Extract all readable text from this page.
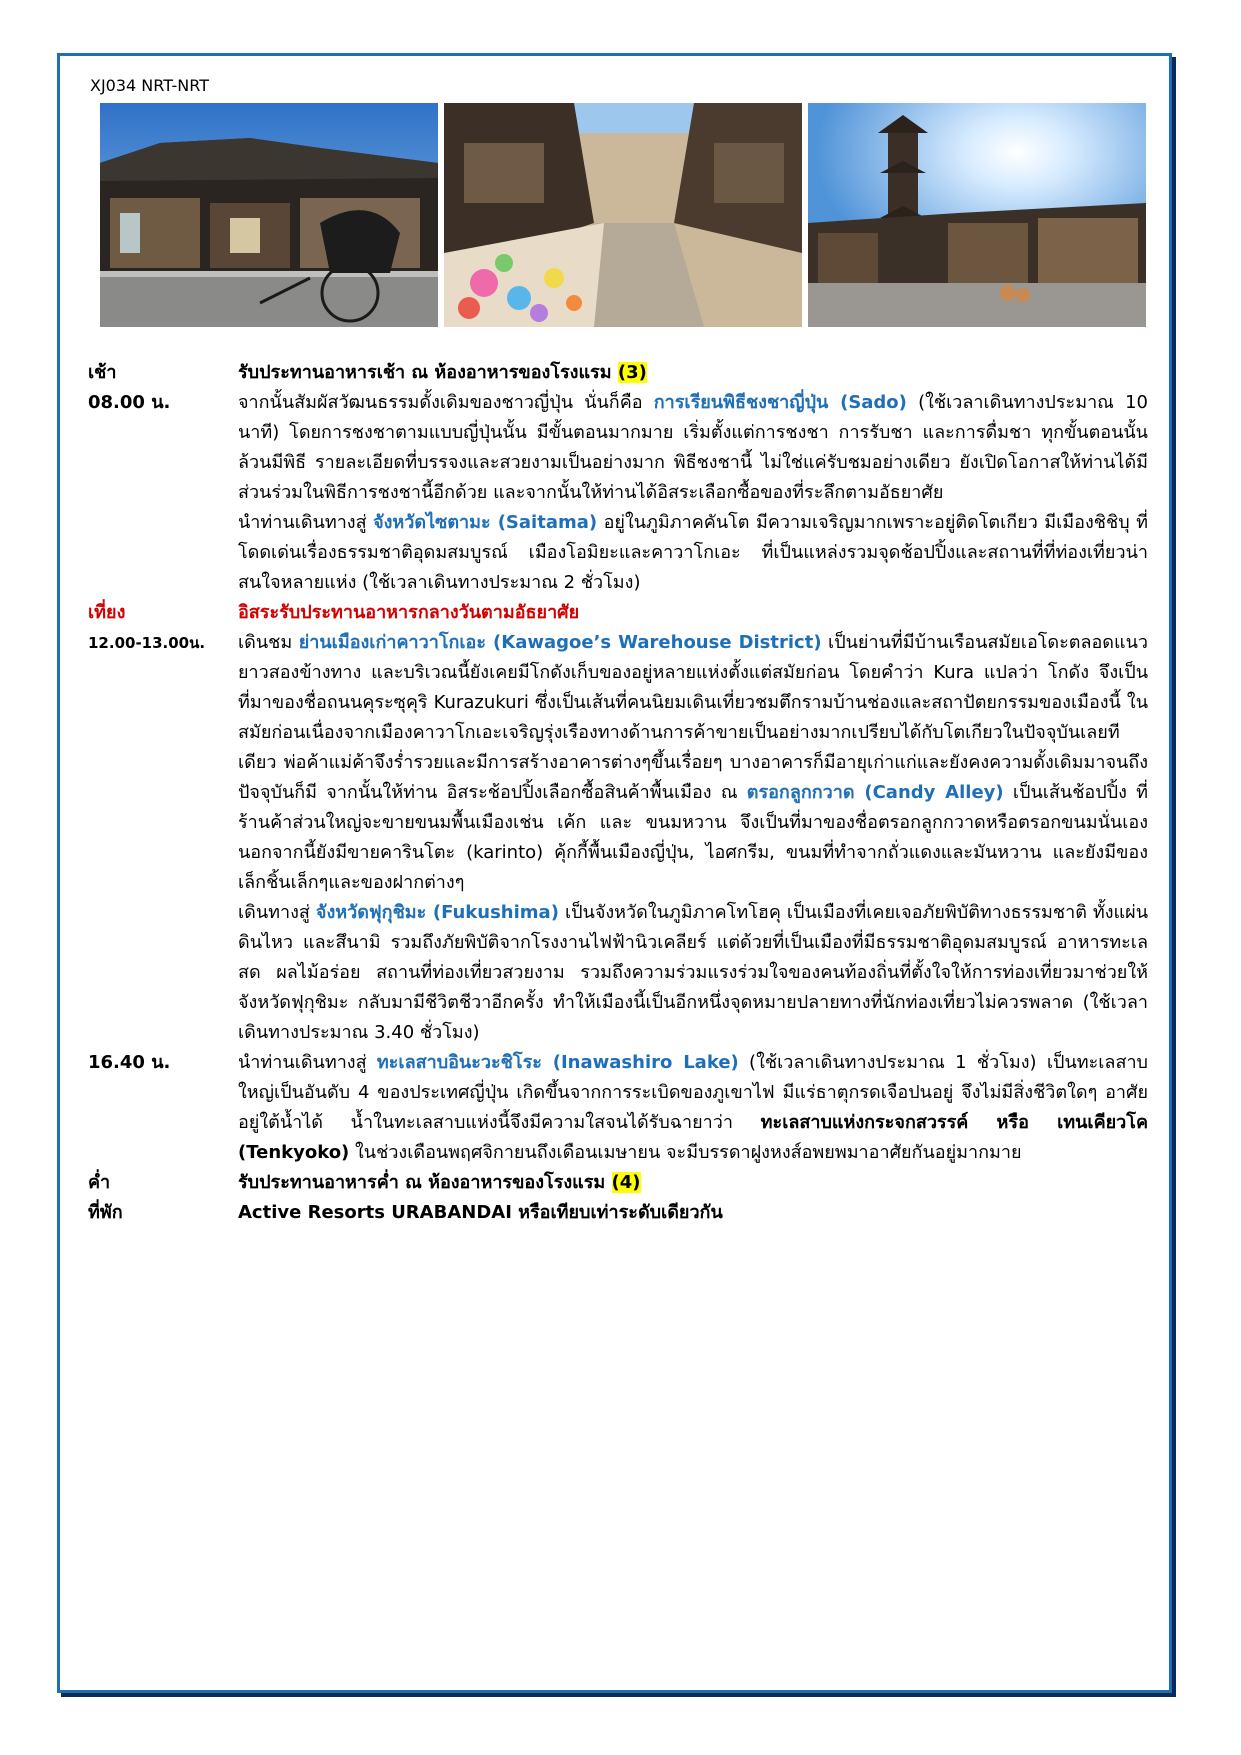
XJ034 NRT-NRT
เช้า	รับประทานอาหารเช้า ณ ห้องอาหารของโรงแรม (3)
08.00 น.	จากนั้นสัมผัสวัฒนธรรมดั้งเดิมของชาวญี่ปุ่น นั่นก็คือ การเรียนพิธีชงชาญี่ปุ่น (Sado) (ใช้เวลาเดินทางประมาณ 10 นาที) โดยการชงชาตามแบบญี่ปุ่นนั้น มีขั้นตอนมากมาย เริ่มตั้งแต่การชงชา การรับชา และการดื่มชา ทุกขั้นตอนนั้นล้วนมีพิธี รายละเอียดที่บรรจงและสวยงามเป็นอย่างมาก พิธีชงชานี้ ไม่ใช่แค่รับชมอย่างเดียว ยังเปิดโอกาสให้ท่านได้มีส่วนร่วมในพิธีการชงชานี้อีกด้วย และจากนั้นให้ท่านได้อิสระเลือกซื้อของที่ระลึกตามอัธยาศัย
นำท่านเดินทางสู่ จังหวัดไซตามะ (Saitama) อยู่ในภูมิภาคคันโต มีความเจริญมากเพราะอยู่ติดโตเกียว มีเมืองชิชิบุ ที่โดดเด่นเรื่องธรรมชาติอุดมสมบูรณ์ เมืองโอมิยะและคาวาโกเอะ ที่เป็นแหล่งรวมจุดช้อปปิ้งและสถานที่ที่ท่องเที่ยวน่าสนใจหลายแห่ง (ใช้เวลาเดินทางประมาณ 2 ชั่วโมง)
เที่ยง	อิสระรับประทานอาหารกลางวันตามอัธยาศัย
12.00-13.00น.	เดินชม ย่านเมืองเก่าคาวาโกเอะ (Kawagoe’s Warehouse District) เป็นย่านที่มีบ้านเรือนสมัยเอโดะตลอดแนวยาวสองข้างทาง และบริเวณนี้ยังเคยมีโกดังเก็บของอยู่หลายแห่งตั้งแต่สมัยก่อน โดยคำว่า Kura แปลว่า โกดัง จึงเป็นที่มาของชื่อถนนคุระซุคุริ Kurazukuri ซึ่งเป็นเส้นที่คนนิยมเดินเที่ยวชมตึกรามบ้านช่องและสถาปัตยกรรมของเมืองนี้ ในสมัยก่อนเนื่องจากเมืองคาวาโกเอะเจริญรุ่งเรืองทางด้านการค้าขายเป็นอย่างมากเปรียบได้กับโตเกียวในปัจจุบันเลยทีเดียว พ่อค้าแม่ค้าจึงร่ำรวยและมีการสร้างอาคารต่างๆขึ้นเรื่อยๆ บางอาคารก็มีอายุเก่าแก่และยังคงความดั้งเดิมมาจนถึงปัจจุบันก็มี จากนั้นให้ท่าน อิสระช้อปปิ้งเลือกซื้อสินค้าพื้นเมือง ณ ตรอกลูกกวาด (Candy Alley) เป็นเส้นช้อปปิ้ง ที่ร้านค้าส่วนใหญ่จะขายขนมพื้นเมืองเช่น เค้ก และ ขนมหวาน จึงเป็นที่มาของชื่อตรอกลูกกวาดหรือตรอกขนมนั่นเอง นอกจากนี้ยังมีขายคารินโตะ (karinto) คุ้กกี้พื้นเมืองญี่ปุ่น, ไอศกรีม, ขนมที่ทำจากถั่วแดงและมันหวาน และยังมีของเล็กชิ้นเล็กๆและของฝากต่างๆ
เดินทางสู่ จังหวัดฟุกุชิมะ (Fukushima) เป็นจังหวัดในภูมิภาคโทโฮคุ เป็นเมืองที่เคยเจอภัยพิบัติทางธรรมชาติ ทั้งแผ่นดินไหว และสึนามิ รวมถึงภัยพิบัติจากโรงงานไฟฟ้านิวเคลียร์ แต่ด้วยที่เป็นเมืองที่มีธรรมชาติอุดมสมบูรณ์ อาหารทะเลสด ผลไม้อร่อย สถานที่ท่องเที่ยวสวยงาม รวมถึงความร่วมแรงร่วมใจของคนท้องถิ่นที่ตั้งใจให้การท่องเที่ยวมาช่วยให้ จังหวัดฟุกุชิมะ กลับมามีชีวิตชีวาอีกครั้ง ทำให้เมืองนี้เป็นอีกหนึ่งจุดหมายปลายทางที่นักท่องเที่ยวไม่ควรพลาด (ใช้เวลาเดินทางประมาณ 3.40 ชั่วโมง)
16.40 น.	นำท่านเดินทางสู่ ทะเลสาบอินะวะชิโระ (Inawashiro Lake) (ใช้เวลาเดินทางประมาณ 1 ชั่วโมง) เป็นทะเลสาบใหญ่เป็นอันดับ 4 ของประเทศญี่ปุ่น เกิดขึ้นจากการระเบิดของภูเขาไฟ มีแร่ธาตุกรดเจือปนอยู่ จึงไม่มีสิ่งชีวิตใดๆ อาศัยอยู่ใต้น้ำได้ น้ำในทะเลสาบแห่งนี้จึงมีความใสจนได้รับฉายาว่า ทะเลสาบแห่งกระจกสวรรค์ หรือ เทนเคียวโค (Tenkyoko) ในช่วงเดือนพฤศจิกายนถึงเดือนเมษายน จะมีบรรดาฝูงหงส์อพยพมาอาศัยกันอยู่มากมาย
ค่ำ	รับประทานอาหารค่ำ ณ ห้องอาหารของโรงแรม (4)
ที่พัก	Active Resorts URABANDAI หรือเทียบเท่าระดับเดียวกัน
